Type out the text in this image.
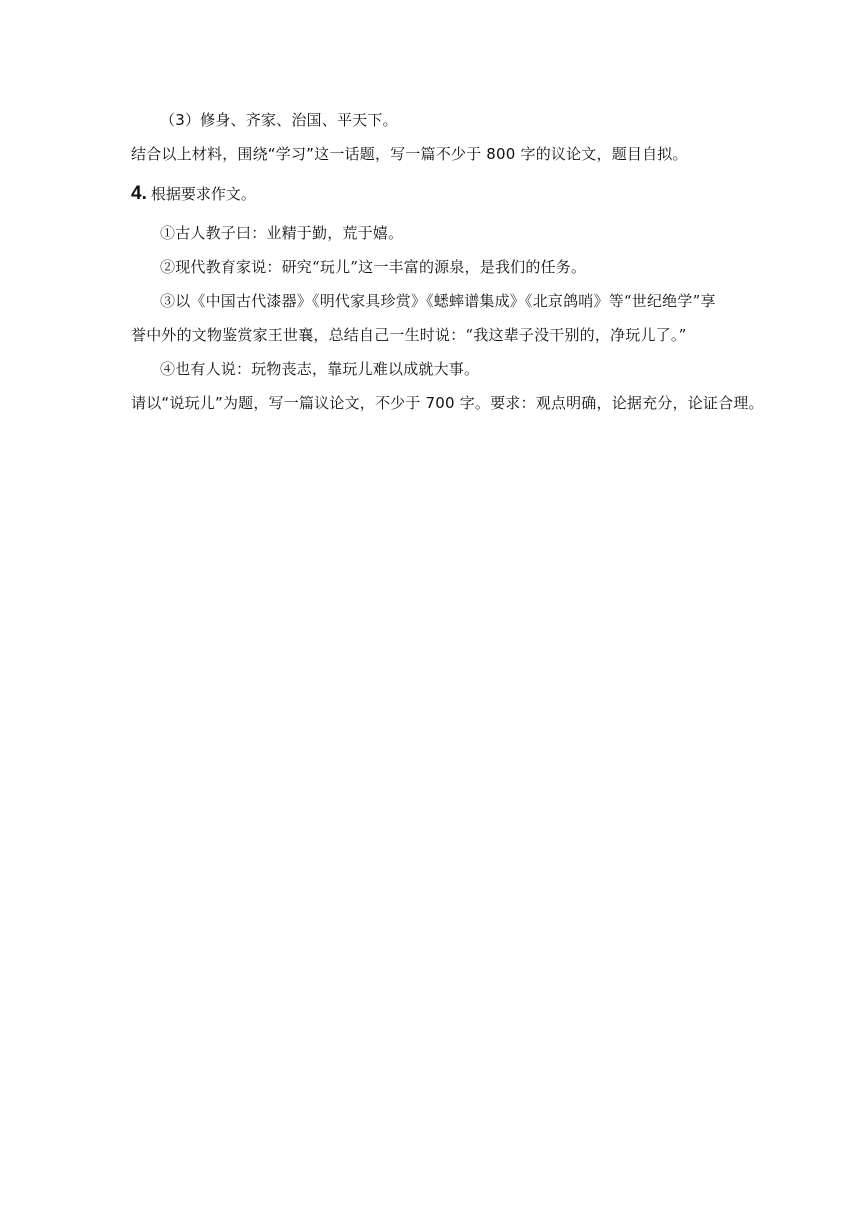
（3）修身、齐家、治国、平天下。
结合以上材料，围绕“学习”这一话题，写一篇不少于 800 字的议论文，题目自拟。
4. 根据要求作文。
①古人教子曰：业精于勤，荒于嬉。
②现代教育家说：研究“玩儿”这一丰富的源泉，是我们的任务。
③以《中国古代漆器》《明代家具珍赏》《蟋蟀谱集成》《北京鸽哨》等“世纪绝学”享
誉中外的文物鉴赏家王世襄，总结自己一生时说：“我这辈子没干别的，净玩儿了。”
④也有人说：玩物丧志，靠玩儿难以成就大事。
请以“说玩儿”为题，写一篇议论文，不少于 700 字。要求：观点明确，论据充分，论证合理。
